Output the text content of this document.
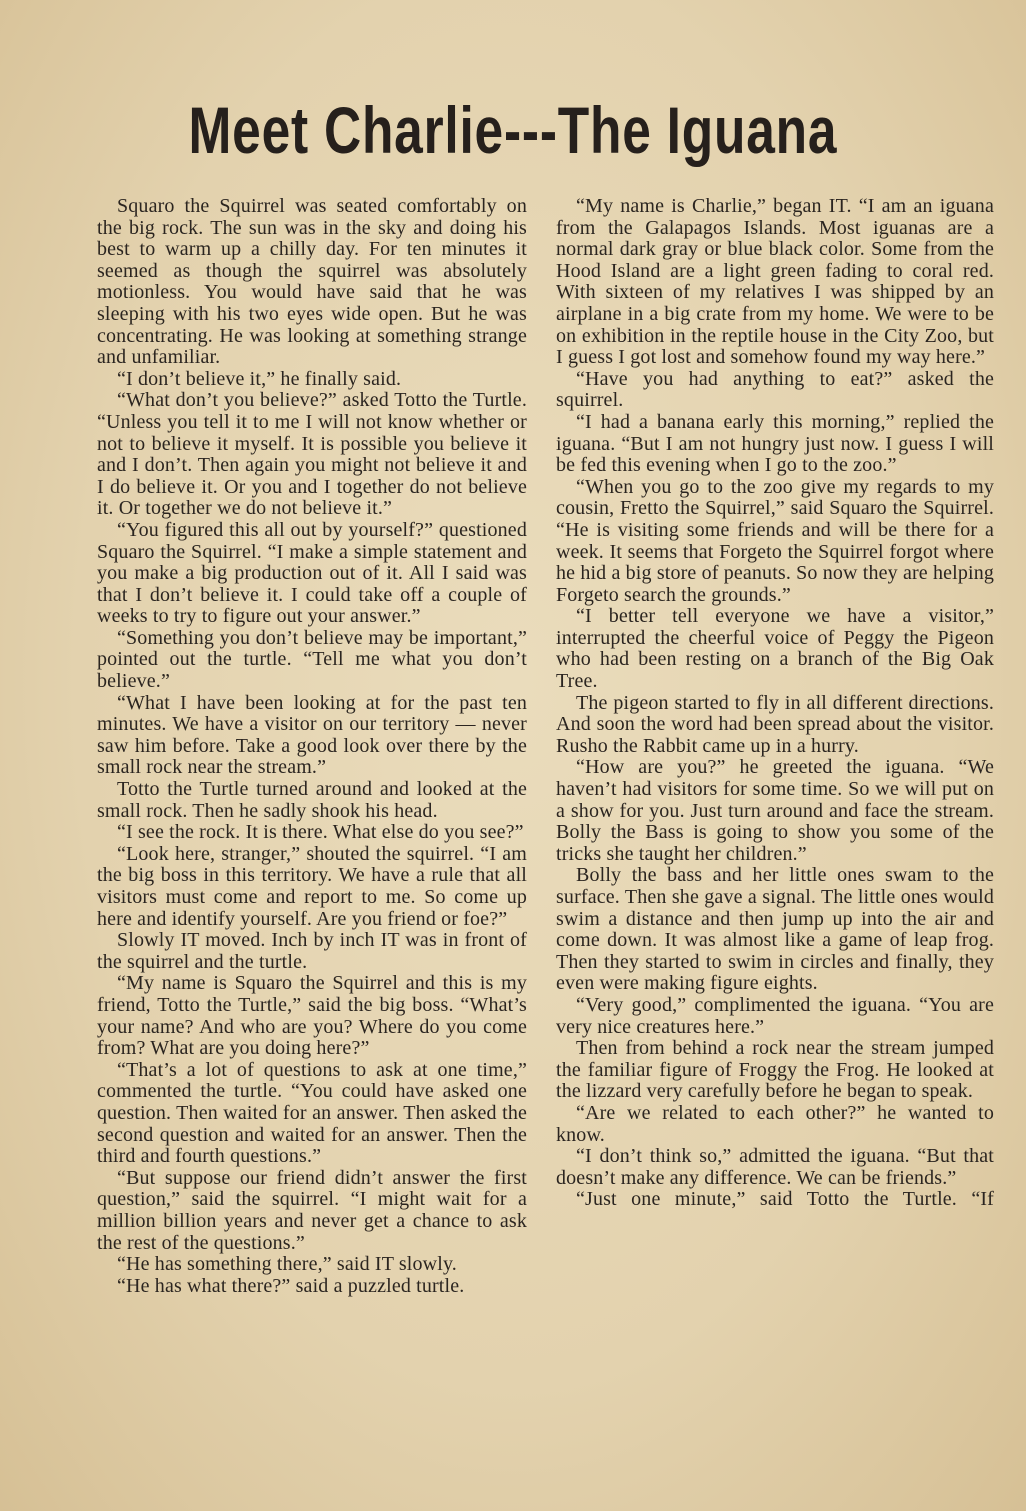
Meet Charlie---The Iguana

Squaro the Squirrel was seated comfortably on the big rock. The sun was in the sky and doing his best to warm up a chilly day. For ten minutes it seemed as though the squirrel was absolutely motionless. You would have said that he was sleeping with his two eyes wide open. But he was concentrating. He was looking at something strange and unfamiliar.

“I don’t believe it,” he finally said.

“What don’t you believe?” asked Totto the Turtle. “Unless you tell it to me I will not know whether or not to believe it myself. It is possible you believe it and I don’t. Then again you might not believe it and I do believe it. Or you and I together do not believe it. Or together we do not believe it.”

“You figured this all out by yourself?” questioned Squaro the Squirrel. “I make a simple statement and you make a big production out of it. All I said was that I don’t believe it. I could take off a couple of weeks to try to figure out your answer.”

“Something you don’t believe may be important,” pointed out the turtle. “Tell me what you don’t believe.”

“What I have been looking at for the past ten minutes. We have a visitor on our territory — never saw him before. Take a good look over there by the small rock near the stream.”

Totto the Turtle turned around and looked at the small rock. Then he sadly shook his head.

“I see the rock. It is there. What else do you see?”

“Look here, stranger,” shouted the squirrel. “I am the big boss in this territory. We have a rule that all visitors must come and report to me. So come up here and identify yourself. Are you friend or foe?”

Slowly IT moved. Inch by inch IT was in front of the squirrel and the turtle.

“My name is Squaro the Squirrel and this is my friend, Totto the Turtle,” said the big boss. “What’s your name? And who are you? Where do you come from? What are you doing here?”

“That’s a lot of questions to ask at one time,” commented the turtle. “You could have asked one question. Then waited for an answer. Then asked the second question and waited for an answer. Then the third and fourth questions.”

“But suppose our friend didn’t answer the first question,” said the squirrel. “I might wait for a million billion years and never get a chance to ask the rest of the questions.”

“He has something there,” said IT slowly.

“He has what there?” said a puzzled turtle.

“My name is Charlie,” began IT. “I am an iguana from the Galapagos Islands. Most iguanas are a normal dark gray or blue black color. Some from the Hood Island are a light green fading to coral red. With sixteen of my relatives I was shipped by an airplane in a big crate from my home. We were to be on exhibition in the reptile house in the City Zoo, but I guess I got lost and somehow found my way here.”

“Have you had anything to eat?” asked the squirrel.

“I had a banana early this morning,” replied the iguana. “But I am not hungry just now. I guess I will be fed this evening when I go to the zoo.”

“When you go to the zoo give my regards to my cousin, Fretto the Squirrel,” said Squaro the Squirrel. “He is visiting some friends and will be there for a week. It seems that Forgeto the Squirrel forgot where he hid a big store of peanuts. So now they are helping Forgeto search the grounds.”

“I better tell everyone we have a visitor,” interrupted the cheerful voice of Peggy the Pigeon who had been resting on a branch of the Big Oak Tree.

The pigeon started to fly in all different directions. And soon the word had been spread about the visitor. Rusho the Rabbit came up in a hurry.

“How are you?” he greeted the iguana. “We haven’t had visitors for some time. So we will put on a show for you. Just turn around and face the stream. Bolly the Bass is going to show you some of the tricks she taught her children.”

Bolly the bass and her little ones swam to the surface. Then she gave a signal. The little ones would swim a distance and then jump up into the air and come down. It was almost like a game of leap frog. Then they started to swim in circles and finally, they even were making figure eights.

“Very good,” complimented the iguana. “You are very nice creatures here.”

Then from behind a rock near the stream jumped the familiar figure of Froggy the Frog. He looked at the lizzard very carefully before he began to speak.

“Are we related to each other?” he wanted to know.

“I don’t think so,” admitted the iguana. “But that doesn’t make any difference. We can be friends.”

“Just one minute,” said Totto the Turtle. “If
